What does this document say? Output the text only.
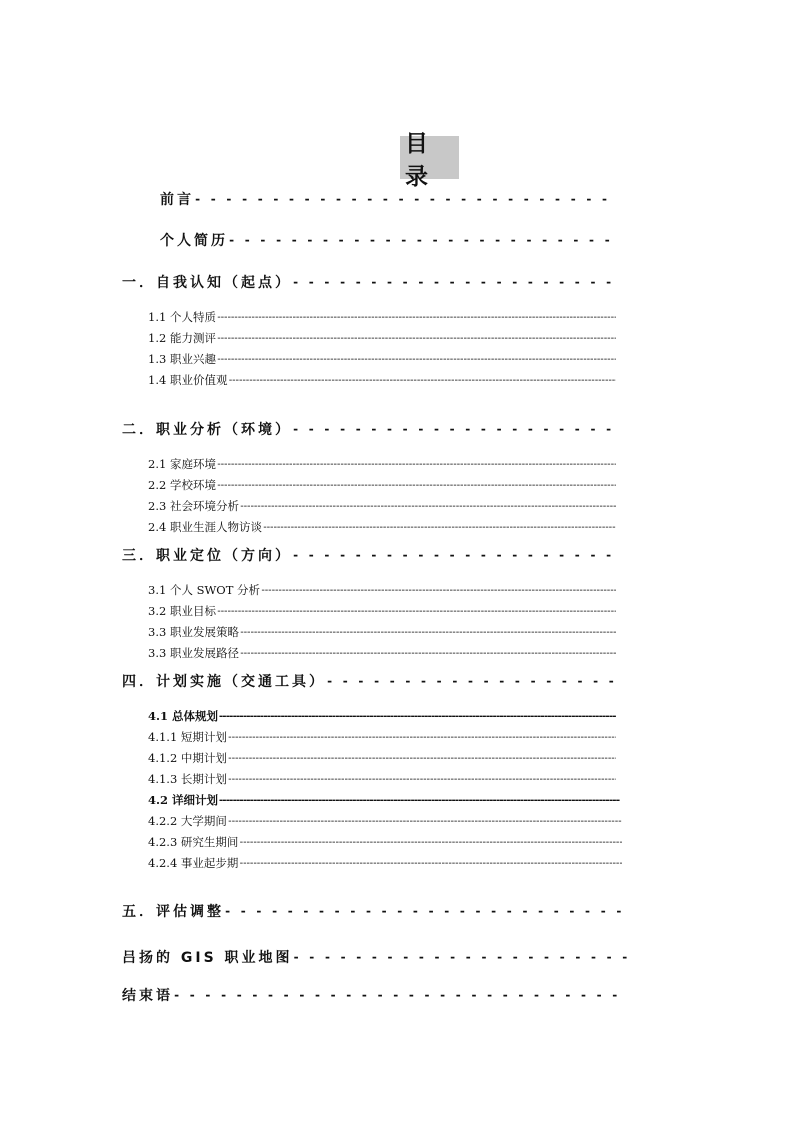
目录
前言
- - -
个人简历
- - -
一．自我认知（起点）
- - -
1.1 个人特质
-----
1.2 能力测评
-----
1.3 职业兴趣
-----
1.4 职业价值观
-----
二．职业分析（环境）
- - -
2.1 家庭环境
-----
2.2 学校环境
-----
2.3 社会环境分析
-----
2.4 职业生涯人物访谈
-----
三．职业定位（方向）
- - -
3.1 个人 SWOT 分析
-----
3.2 职业目标
-----
3.3 职业发展策略
-----
3.3 职业发展路径
-----
四．计划实施（交通工具）
- - -
4.1 总体规划
-----
4.1.1 短期计划
-----
4.1.2 中期计划
-----
4.1.3 长期计划
-----
4.2 详细计划
-----
4.2.2 大学期间
-----
4.2.3 研究生期间
-----
4.2.4 事业起步期
-----
五．评估调整
- - -
吕扬的 GIS 职业地图
- - -
结束语
- - -
